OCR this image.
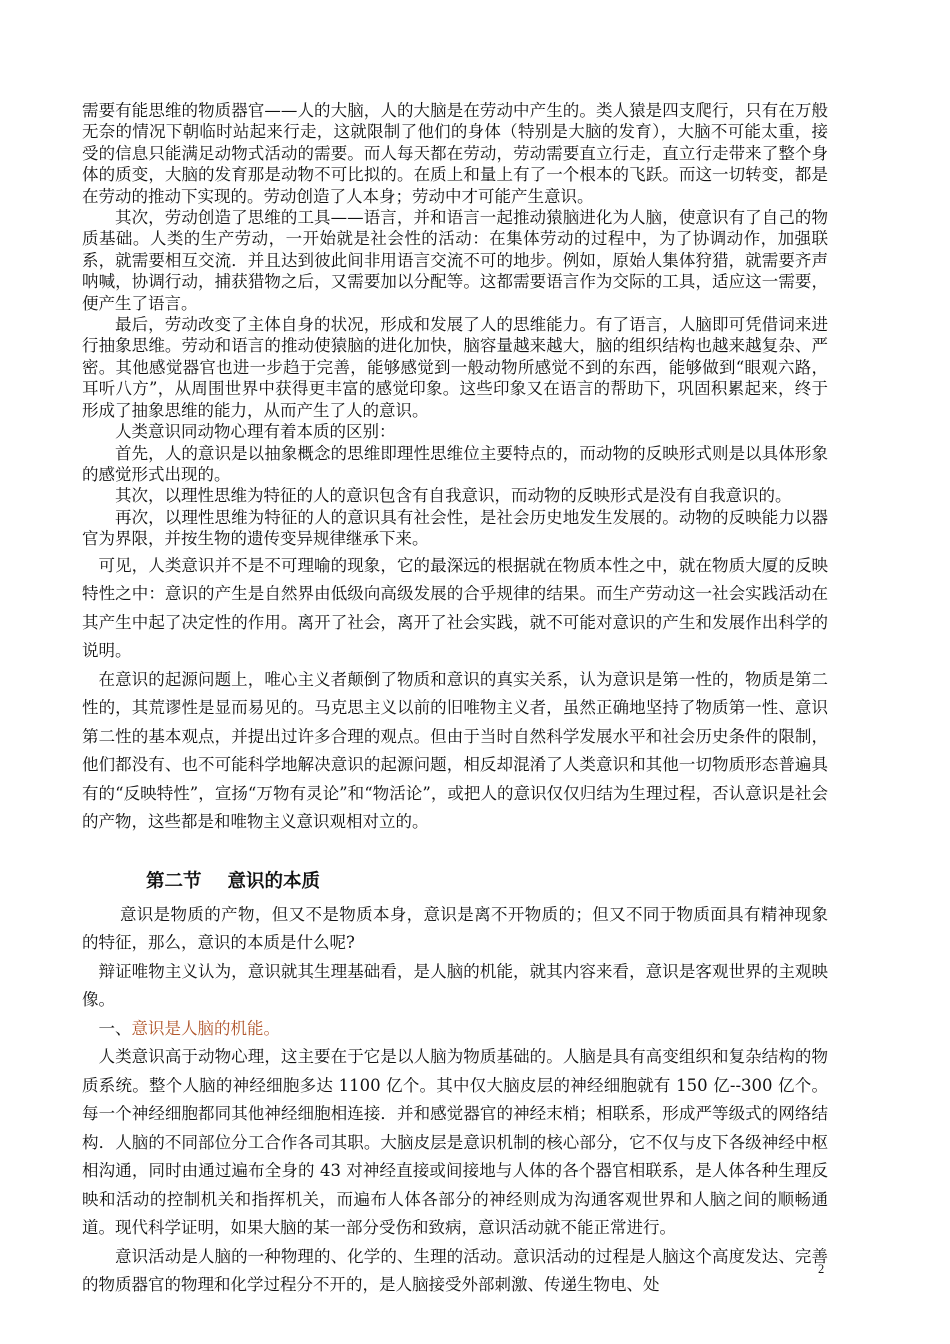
需要有能思维的物质器官——人的大脑，人的大脑是在劳动中产生的。类人猿是四支爬行，只有在万般无奈的情况下朝临时站起来行走，这就限制了他们的身体（特别是大脑的发育），大脑不可能太重，接受的信息只能满足动物式活动的需要。而人每天都在劳动，劳动需要直立行走，直立行走带来了整个身体的质变，大脑的发育那是动物不可比拟的。在质上和量上有了一个根本的飞跃。而这一切转变，都是在劳动的推动下实现的。劳动创造了人本身；劳动中才可能产生意识。

其次，劳动创造了思维的工具——语言，并和语言一起推动猿脑进化为人脑，使意识有了自己的物质基础。人类的生产劳动，一开始就是社会性的活动：在集体劳动的过程中，为了协调动作，加强联系，就需要相互交流．并且达到彼此间非用语言交流不可的地步。例如，原始人集体狩猎，就需要齐声呐喊，协调行动，捕获猎物之后，又需要加以分配等。这都需要语言作为交际的工具，适应这一需要，便产生了语言。

最后，劳动改变了主体自身的状况，形成和发展了人的思维能力。有了语言，人脑即可凭借词来进行抽象思维。劳动和语言的推动使猿脑的进化加快，脑容量越来越大，脑的组织结构也越来越复杂、严密。其他感觉器官也进一步趋于完善，能够感觉到一般动物所感觉不到的东西，能够做到“眼观六路，耳听八方”，从周围世界中获得更丰富的感觉印象。这些印象又在语言的帮助下，巩固积累起来，终于形成了抽象思维的能力，从而产生了人的意识。

人类意识同动物心理有着本质的区别：

首先，人的意识是以抽象概念的思维即理性思维位主要特点的，而动物的反映形式则是以具体形象的感觉形式出现的。

其次，以理性思维为特征的人的意识包含有自我意识，而动物的反映形式是没有自我意识的。

再次，以理性思维为特征的人的意识具有社会性，是社会历史地发生发展的。动物的反映能力以器官为界限，并按生物的遗传变异规律继承下来。

可见，人类意识并不是不可理喻的现象，它的最深远的根据就在物质本性之中，就在物质大厦的反映特性之中：意识的产生是自然界由低级向高级发展的合乎规律的结果。而生产劳动这一社会实践活动在其产生中起了决定性的作用。离开了社会，离开了社会实践，就不可能对意识的产生和发展作出科学的说明。

在意识的起源问题上，唯心主义者颠倒了物质和意识的真实关系，认为意识是第一性的，物质是第二性的，其荒谬性是显而易见的。马克思主义以前的旧唯物主义者，虽然正确地坚持了物质第一性、意识第二性的基本观点，并提出过许多合理的观点。但由于当时自然科学发展水平和社会历史条件的限制，他们都没有、也不可能科学地解决意识的起源问题，相反却混淆了人类意识和其他一切物质形态普遍具有的“反映特性”，宣扬“万物有灵论”和“物活论”，或把人的意识仅仅归结为生理过程，否认意识是社会的产物，这些都是和唯物主义意识观相对立的。

第二节 意识的本质

意识是物质的产物，但又不是物质本身，意识是离不开物质的；但又不同于物质面具有精神现象的特征，那么，意识的本质是什么呢?

辩证唯物主义认为，意识就其生理基础看，是人脑的机能，就其内容来看，意识是客观世界的主观映像。

一、意识是人脑的机能。

人类意识高于动物心理，这主要在于它是以人脑为物质基础的。人脑是具有高变组织和复杂结构的物质系统。整个人脑的神经细胞多达 1100 亿个。其中仅大脑皮层的神经细胞就有 150 亿--300 亿个。每一个神经细胞都同其他神经细胞相连接．并和感觉器官的神经末梢；相联系，形成严等级式的网络结构．人脑的不同部位分工合作各司其职。大脑皮层是意识机制的核心部分，它不仅与皮下各级神经中枢相沟通，同时由通过遍布全身的 43 对神经直接或间接地与人体的各个器官相联系，是人体各种生理反映和活动的控制机关和指挥机关，而遍布人体各部分的神经则成为沟通客观世界和人脑之间的顺畅通道。现代科学证明，如果大脑的某一部分受伤和致病，意识活动就不能正常进行。

意识活动是人脑的一种物理的、化学的、生理的活动。意识活动的过程是人脑这个高度发达、完善的物质器官的物理和化学过程分不开的，是人脑接受外部刺激、传递生物电、处

2
